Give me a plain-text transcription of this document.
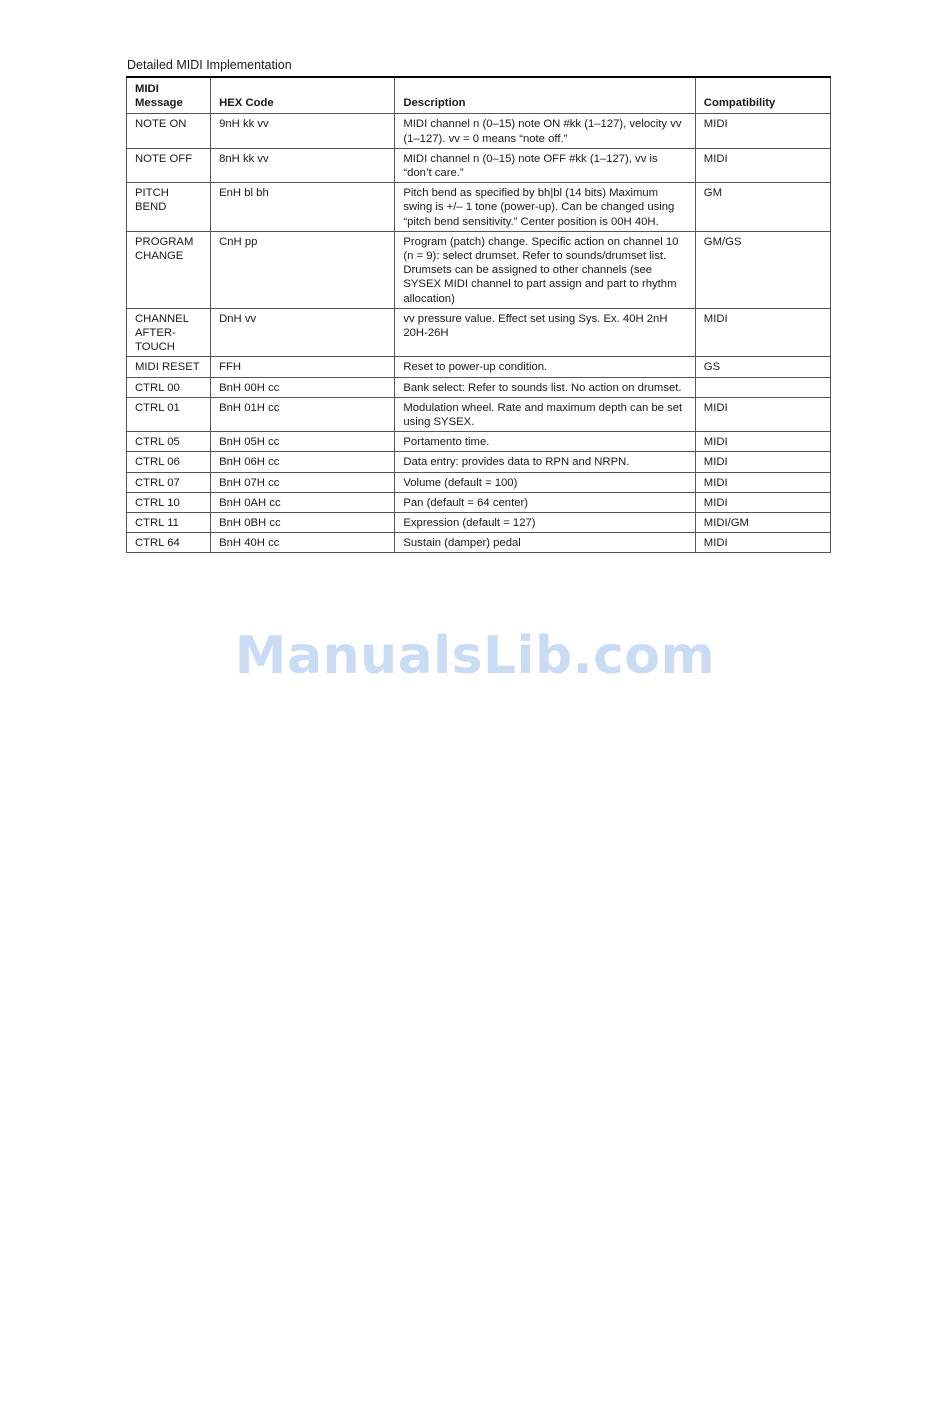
Detailed MIDI Implementation
MIDI
Message	HEX Code	Description	Compatibility
NOTE ON	9nH kk vv	MIDI channel n (0–15) note ON #kk (1–127), velocity vv (1–127). vv = 0 means “note off.”	MIDI
NOTE OFF	8nH kk vv	MIDI channel n (0–15) note OFF #kk (1–127), vv is “don’t care.”	MIDI
PITCH BEND	EnH bl bh	Pitch bend as specified by bh|bl (14 bits) Maximum swing is +/– 1 tone (power-up). Can be changed using “pitch bend sensitivity.” Center position is 00H 40H.	GM
PROGRAM CHANGE	CnH pp	Program (patch) change. Specific action on channel 10 (n = 9): select drumset. Refer to sounds/drumset list. Drumsets can be assigned to other channels (see SYSEX MIDI channel to part assign and part to rhythm allocation)	GM/GS
CHANNEL AFTER-TOUCH	DnH vv	vv pressure value. Effect set using Sys. Ex. 40H 2nH 20H-26H	MIDI
MIDI RESET	FFH	Reset to power-up condition.	GS
CTRL 00	BnH 00H cc	Bank select: Refer to sounds list. No action on drumset.	
CTRL 01	BnH 01H cc	Modulation wheel. Rate and maximum depth can be set using SYSEX.	MIDI
CTRL 05	BnH 05H cc	Portamento time.	MIDI
CTRL 06	BnH 06H cc	Data entry: provides data to RPN and NRPN.	MIDI
CTRL 07	BnH 07H cc	Volume (default = 100)	MIDI
CTRL 10	BnH 0AH cc	Pan (default = 64 center)	MIDI
CTRL 11	BnH 0BH cc	Expression (default = 127)	MIDI/GM
CTRL 64	BnH 40H cc	Sustain (damper) pedal	MIDI
ManualsLib.com
